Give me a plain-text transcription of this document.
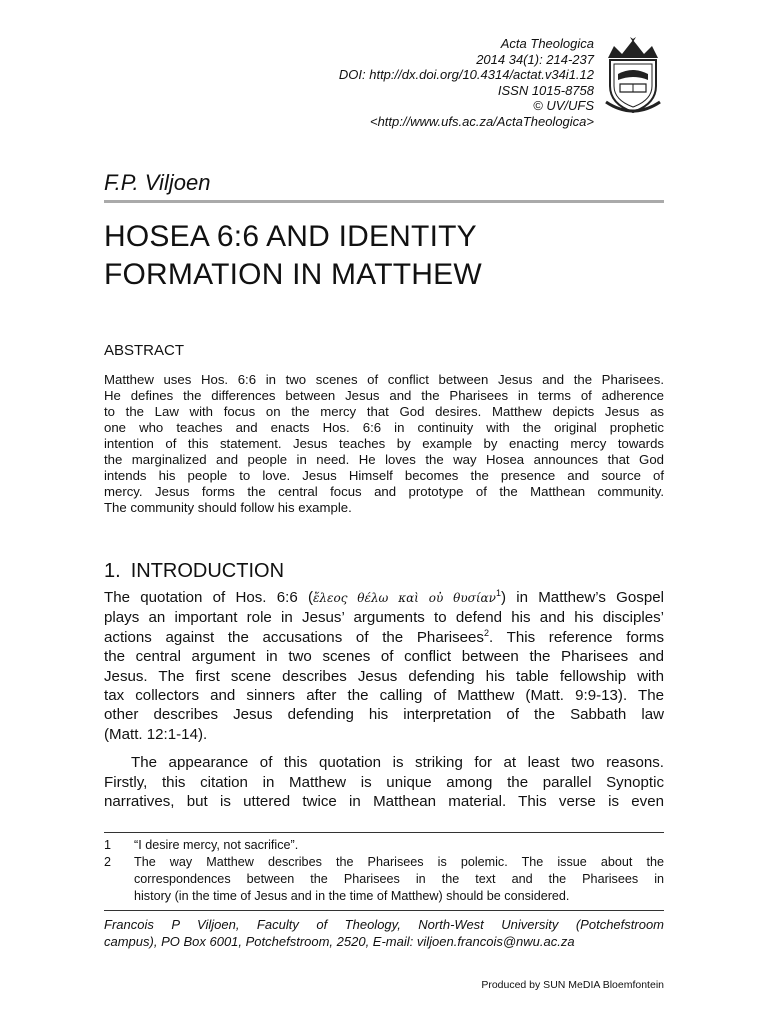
Acta Theologica
2014 34(1): 214-237
DOI: http://dx.doi.org/10.4314/actat.v34i1.12
ISSN 1015-8758
© UV/UFS
<http://www.ufs.ac.za/ActaTheologica>
F.P. Viljoen
HOSEA 6:6 AND IDENTITY
FORMATION IN MATTHEW
ABSTRACT
Matthew uses Hos. 6:6 in two scenes of conflict between Jesus and the Pharisees.
He defines the differences between Jesus and the Pharisees in terms of adherence
to the Law with focus on the mercy that God desires. Matthew depicts Jesus as
one who teaches and enacts Hos. 6:6 in continuity with the original prophetic
intention of this statement. Jesus teaches by example by enacting mercy towards
the marginalized and people in need. He loves the way Hosea announces that God
intends his people to love. Jesus Himself becomes the presence and source of
mercy. Jesus forms the central focus and prototype of the Matthean community.
The community should follow his example.
1. INTRODUCTION
The quotation of Hos. 6:6 (ἔλεος θέλω καὶ οὐ θυσίαν$^1$) in Matthew’s Gospel
plays an important role in Jesus’ arguments to defend his and his disciples’
actions against the accusations of the Pharisees$^2$. This reference forms
the central argument in two scenes of conflict between the Pharisees and
Jesus. The first scene describes Jesus defending his table fellowship with
tax collectors and sinners after the calling of Matthew (Matt. 9:9-13). The
other describes Jesus defending his interpretation of the Sabbath law
(Matt. 12:1-14).
The appearance of this quotation is striking for at least two reasons.
Firstly, this citation in Matthew is unique among the parallel Synoptic
narratives, but is uttered twice in Matthean material. This verse is even
1	“I desire mercy, not sacrifice”.
2	The way Matthew describes the Pharisees is polemic. The issue about the
correspondences between the Pharisees in the text and the Pharisees in
history (in the time of Jesus and in the time of Matthew) should be considered.
Francois P Viljoen, Faculty of Theology, North-West University (Potchefstroom
campus), PO Box 6001, Potchefstroom, 2520, E-mail: viljoen.francois@nwu.ac.za
Produced by SUN MeDIA Bloemfontein
